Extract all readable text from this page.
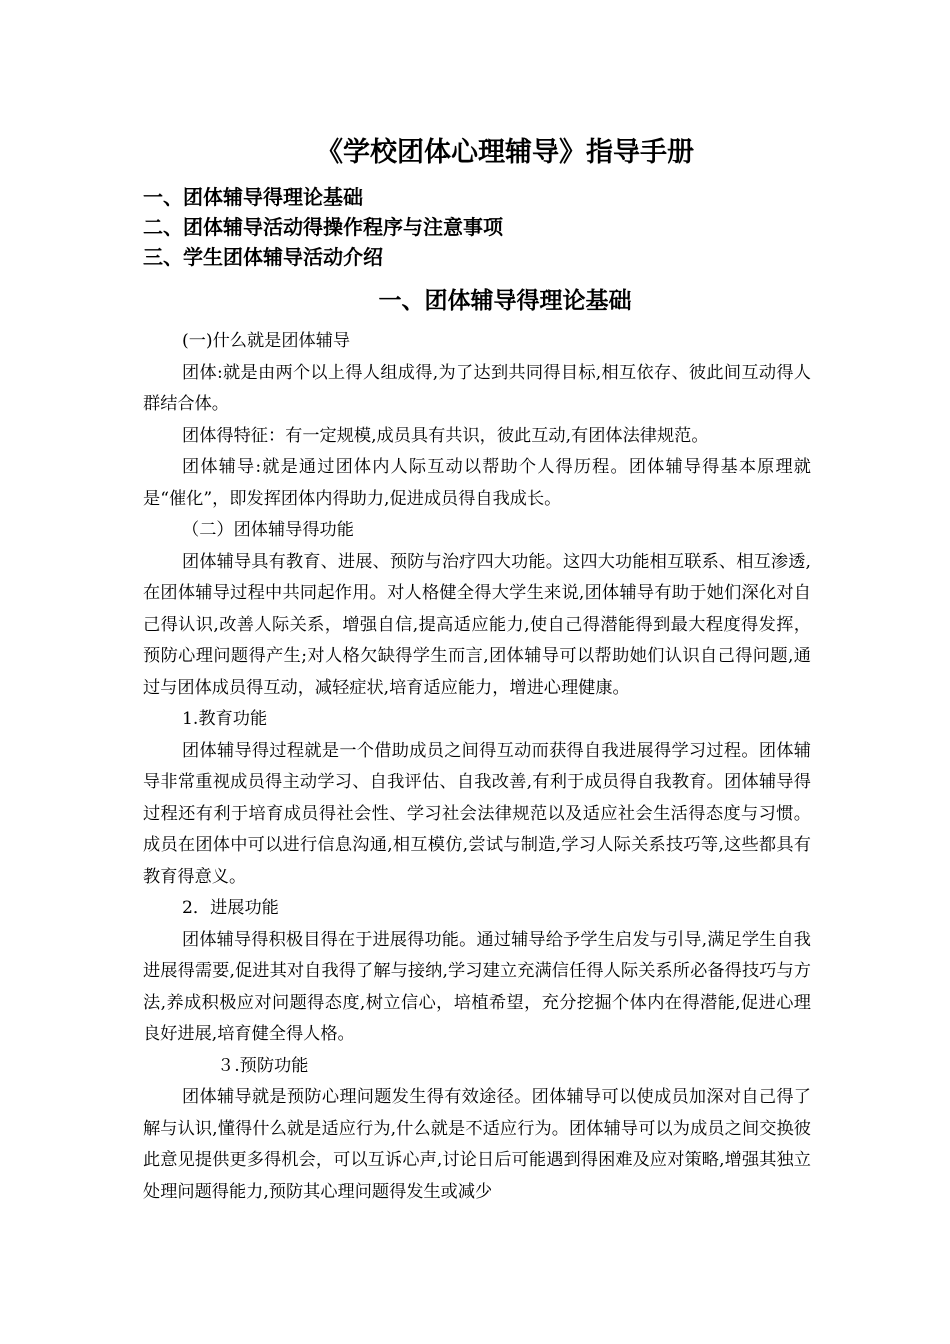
《学校团体心理辅导》指导手册
一、团体辅导得理论基础
二、团体辅导活动得操作程序与注意事项
三、学生团体辅导活动介绍
一、团体辅导得理论基础

(一)什么就是团体辅导

团体:就是由两个以上得人组成得,为了达到共同得目标,相互依存、彼此间互动得人群结合体。

团体得特征：有一定规模,成员具有共识，彼此互动,有团体法律规范。

团体辅导:就是通过团体内人际互动以帮助个人得历程。团体辅导得基本原理就是“催化”，即发挥团体内得助力,促进成员得自我成长。

（二）团体辅导得功能

团体辅导具有教育、进展、预防与治疗四大功能。这四大功能相互联系、相互渗透,在团体辅导过程中共同起作用。对人格健全得大学生来说,团体辅导有助于她们深化对自己得认识,改善人际关系，增强自信,提高适应能力,使自己得潜能得到最大程度得发挥，预防心理问题得产生;对人格欠缺得学生而言,团体辅导可以帮助她们认识自己得问题,通过与团体成员得互动，减轻症状,培育适应能力，增进心理健康。

1.教育功能

团体辅导得过程就是一个借助成员之间得互动而获得自我进展得学习过程。团体辅导非常重视成员得主动学习、自我评估、自我改善,有利于成员得自我教育。团体辅导得过程还有利于培育成员得社会性、学习社会法律规范以及适应社会生活得态度与习惯。成员在团体中可以进行信息沟通,相互模仿,尝试与制造,学习人际关系技巧等,这些都具有教育得意义。

2．进展功能

团体辅导得积极目得在于进展得功能。通过辅导给予学生启发与引导,满足学生自我进展得需要,促进其对自我得了解与接纳,学习建立充满信任得人际关系所必备得技巧与方法,养成积极应对问题得态度,树立信心，培植希望，充分挖掘个体内在得潜能,促进心理良好进展,培育健全得人格。

３.预防功能

团体辅导就是预防心理问题发生得有效途径。团体辅导可以使成员加深对自己得了解与认识,懂得什么就是适应行为,什么就是不适应行为。团体辅导可以为成员之间交换彼此意见提供更多得机会，可以互诉心声,讨论日后可能遇到得困难及应对策略,增强其独立处理问题得能力,预防其心理问题得发生或减少
